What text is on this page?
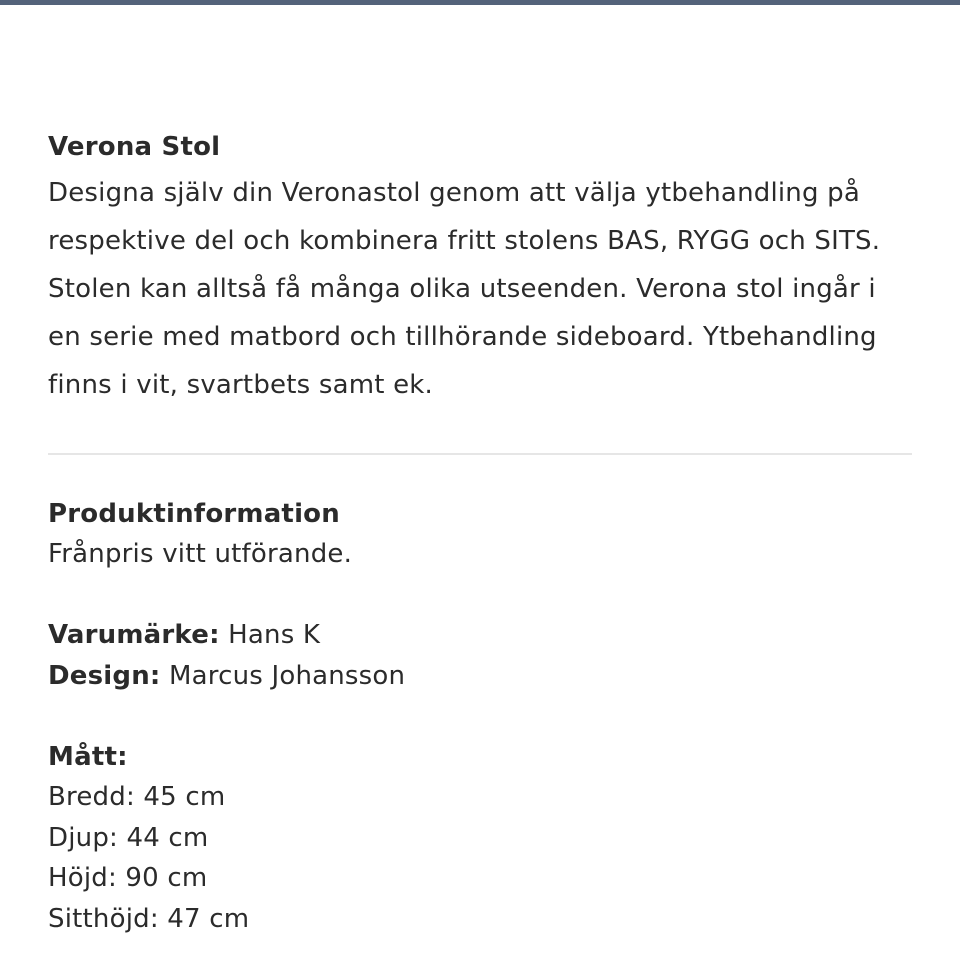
Verona Stol

Designa själv din Veronastol genom att välja ytbehandling på respektive del och kombinera fritt stolens BAS, RYGG och SITS. Stolen kan alltså få många olika utseenden. Verona stol ingår i en serie med matbord och tillhörande sideboard. Ytbehandling finns i vit, svartbets samt ek.

Produktinformation

Frånpris vitt utförande.

Varumärke: Hans K

Design: Marcus Johansson

Mått:

Bredd: 45 cm

Djup: 44 cm

Höjd: 90 cm

Sitthöjd: 47 cm
